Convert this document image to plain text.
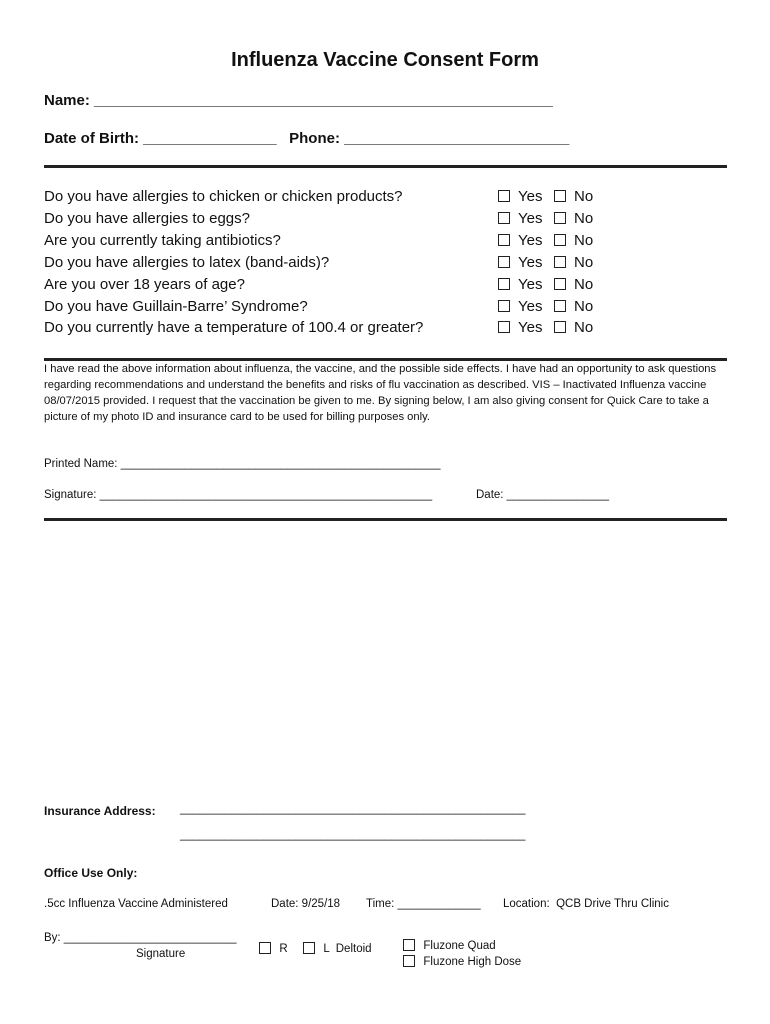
Influenza Vaccine Consent Form
Name: _______________________________________________________
Date of Birth: ________________   Phone: ___________________________
Do you have allergies to chicken or chicken products?	Yes	No
Do you have allergies to eggs?	Yes	No
Are you currently taking antibiotics?	Yes	No
Do you have allergies to latex (band-aids)?	Yes	No
Are you over 18 years of age?	Yes	No
Do you have Guillain-Barre’ Syndrome?	Yes	No
Do you currently have a temperature of 100.4 or greater?	Yes	No
I have read the above information about influenza, the vaccine, and the possible side effects. I have had an opportunity to ask questions regarding recommendations and understand the benefits and risks of flu vaccination as described. VIS – Inactivated Influenza vaccine 08/07/2015 provided. I request that the vaccination be given to me. By signing below, I am also giving consent for Quick Care to take a picture of my photo ID and insurance card to be used for billing purposes only.
Printed Name: __________________________________________________
Signature: ____________________________________________________	Date: ________________
Insurance Address: ______________________________________________________
______________________________________________________
Office Use Only:
.5cc Influenza Vaccine Administered	Date: 9/25/18 Time: _____________ Location:  QCB Drive Thru Clinic
By: ___________________________
Signature	R	L  Deltoid	Fluzone Quad

Fluzone High Dose
